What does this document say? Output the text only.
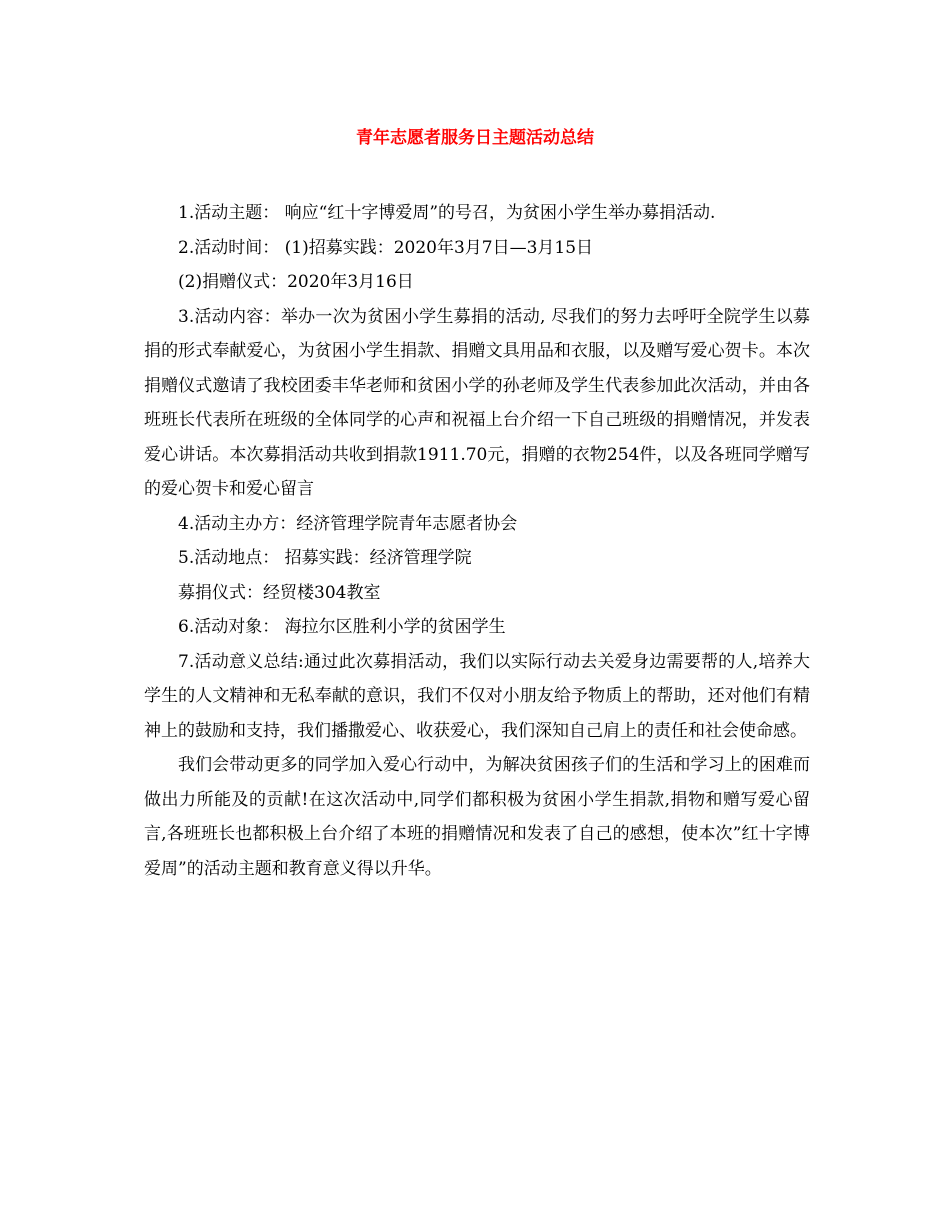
青年志愿者服务日主题活动总结

1.活动主题： 响应“红十字博爱周”的号召，为贫困小学生举办募捐活动.

2.活动时间： (1)招募实践：2020年3月7日—3月15日

(2)捐赠仪式：2020年3月16日

3.活动内容：举办一次为贫困小学生募捐的活动, 尽我们的努力去呼吁全院学生以募捐的形式奉献爱心，为贫困小学生捐款、捐赠文具用品和衣服，以及赠写爱心贺卡。本次捐赠仪式邀请了我校团委丰华老师和贫困小学的孙老师及学生代表参加此次活动，并由各班班长代表所在班级的全体同学的心声和祝福上台介绍一下自己班级的捐赠情况，并发表爱心讲话。本次募捐活动共收到捐款1911.70元，捐赠的衣物254件，以及各班同学赠写的爱心贺卡和爱心留言

4.活动主办方：经济管理学院青年志愿者协会

5.活动地点： 招募实践：经济管理学院

募捐仪式：经贸楼304教室

6.活动对象： 海拉尔区胜利小学的贫困学生

7.活动意义总结:通过此次募捐活动，我们以实际行动去关爱身边需要帮的人,培养大学生的人文精神和无私奉献的意识，我们不仅对小朋友给予物质上的帮助，还对他们有精神上的鼓励和支持，我们播撒爱心、收获爱心，我们深知自己肩上的责任和社会使命感。

我们会带动更多的同学加入爱心行动中，为解决贫困孩子们的生活和学习上的困难而做出力所能及的贡献!在这次活动中,同学们都积极为贫困小学生捐款,捐物和赠写爱心留言,各班班长也都积极上台介绍了本班的捐赠情况和发表了自己的感想，使本次”红十字博爱周”的活动主题和教育意义得以升华。
